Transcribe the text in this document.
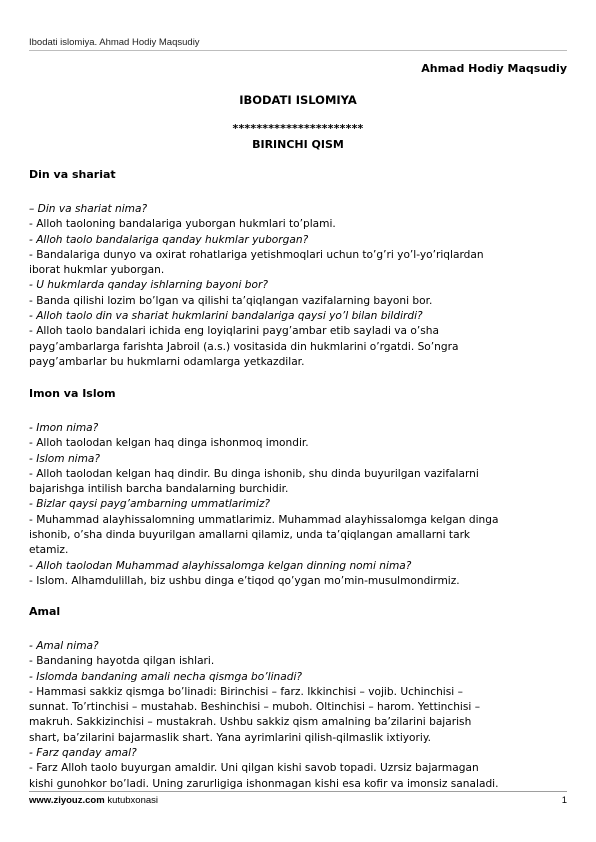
Ibodati islomiya. Ahmad Hodiy Maqsudiy
Ahmad Hodiy Maqsudiy
IBODATI ISLOMIYA
**********************
BIRINCHI QISM
Din va shariat

– Din va shariat nima?

- Alloh taoloning bandalariga yuborgan hukmlari to’plami.

- Alloh taolo bandalariga qanday hukmlar yuborgan?

- Bandalariga dunyo va oxirat rohatlariga yetishmoqlari uchun to’g’ri yo’l-yo’riqlardan

iborat hukmlar yuborgan.

- U hukmlarda qanday ishlarning bayoni bor?

- Banda qilishi lozim bo’lgan va qilishi ta’qiqlangan vazifalarning bayoni bor.

- Alloh taolo din va shariat hukmlarini bandalariga qaysi yo’l bilan bildirdi?

- Alloh taolo bandalari ichida eng loyiqlarini payg’ambar etib sayladi va o’sha

payg’ambarlarga farishta Jabroil (a.s.) vositasida din hukmlarini o’rgatdi. So’ngra

payg’ambarlar bu hukmlarni odamlarga yetkazdilar.

Imon va Islom

- Imon nima?

- Alloh taolodan kelgan haq dinga ishonmoq imondir.

- Islom nima?

- Alloh taolodan kelgan haq dindir. Bu dinga ishonib, shu dinda buyurilgan vazifalarni

bajarishga intilish barcha bandalarning burchidir.

- Bizlar qaysi payg’ambarning ummatlarimiz?

- Muhammad alayhissalomning ummatlarimiz. Muhammad alayhissalomga kelgan dinga

ishonib, o’sha dinda buyurilgan amallarni qilamiz, unda ta’qiqlangan amallarni tark

etamiz.

- Alloh taolodan Muhammad alayhissalomga kelgan dinning nomi nima?

- Islom. Alhamdulillah, biz ushbu dinga e’tiqod qo’ygan mo’min-musulmondirmiz.

Amal

- Amal nima?

- Bandaning hayotda qilgan ishlari.

- Islomda bandaning amali necha qismga bo’linadi?

- Hammasi sakkiz qismga bo’linadi: Birinchisi – farz. Ikkinchisi – vojib. Uchinchisi –

sunnat. To’rtinchisi – mustahab. Beshinchisi – muboh. Oltinchisi – harom. Yettinchisi –

makruh. Sakkizinchisi – mustakrah. Ushbu sakkiz qism amalning ba’zilarini bajarish

shart, ba’zilarini bajarmaslik shart. Yana ayrimlarini qilish-qilmaslik ixtiyoriy.

- Farz qanday amal?

- Farz Alloh taolo buyurgan amaldir. Uni qilgan kishi savob topadi. Uzrsiz bajarmagan

kishi gunohkor bo’ladi. Uning zarurligiga ishonmagan kishi esa kofir va imonsiz sanaladi.

www.ziyouz.com kutubxonasi	1
